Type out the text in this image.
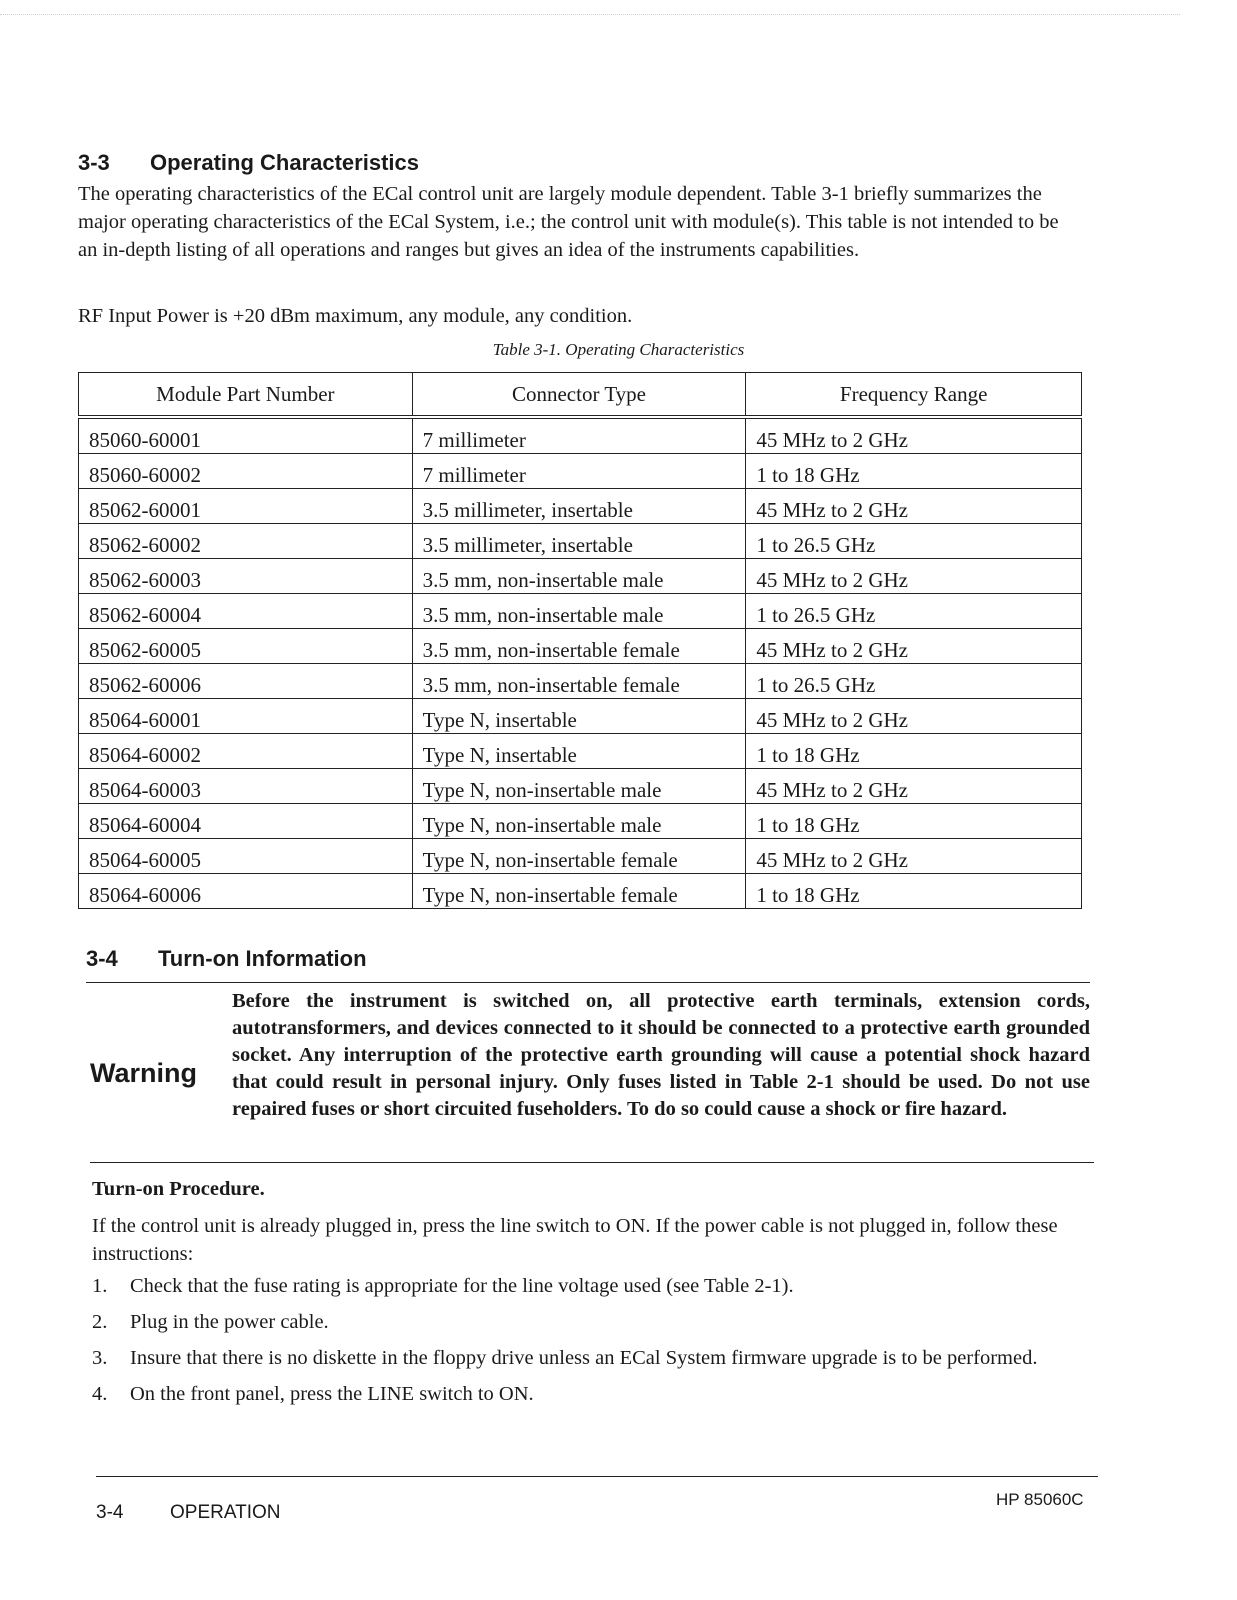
3-3 Operating Characteristics
The operating characteristics of the ECal control unit are largely module dependent. Table 3-1 briefly summarizes the major operating characteristics of the ECal System, i.e.; the control unit with module(s). This table is not intended to be an in-depth listing of all operations and ranges but gives an idea of the instruments capabilities.
RF Input Power is +20 dBm maximum, any module, any condition.
Table 3-1. Operating Characteristics
Module Part Number	Connector Type	Frequency Range
85060-60001	7 millimeter	45 MHz to 2 GHz
85060-60002	7 millimeter	1 to 18 GHz
85062-60001	3.5 millimeter, insertable	45 MHz to 2 GHz
85062-60002	3.5 millimeter, insertable	1 to 26.5 GHz
85062-60003	3.5 mm, non-insertable male	45 MHz to 2 GHz
85062-60004	3.5 mm, non-insertable male	1 to 26.5 GHz
85062-60005	3.5 mm, non-insertable female	45 MHz to 2 GHz
85062-60006	3.5 mm, non-insertable female	1 to 26.5 GHz
85064-60001	Type N, insertable	45 MHz to 2 GHz
85064-60002	Type N, insertable	1 to 18 GHz
85064-60003	Type N, non-insertable male	45 MHz to 2 GHz
85064-60004	Type N, non-insertable male	1 to 18 GHz
85064-60005	Type N, non-insertable female	45 MHz to 2 GHz
85064-60006	Type N, non-insertable female	1 to 18 GHz
3-4 Turn-on Information
Warning
Before the instrument is switched on, all protective earth terminals, extension cords, autotransformers, and devices connected to it should be connected to a protective earth grounded socket. Any interruption of the protective earth grounding will cause a potential shock hazard that could result in personal injury. Only fuses listed in Table 2-1 should be used. Do not use repaired fuses or short circuited fuseholders. To do so could cause a shock or fire hazard.
Turn-on Procedure.
If the control unit is already plugged in, press the line switch to ON. If the power cable is not plugged in, follow these instructions:
1. Check that the fuse rating is appropriate for the line voltage used (see Table 2-1).
2. Plug in the power cable.
3. Insure that there is no diskette in the floppy drive unless an ECal System firmware upgrade is to be performed.
4. On the front panel, press the LINE switch to ON.
3-4 OPERATION
HP 85060C
